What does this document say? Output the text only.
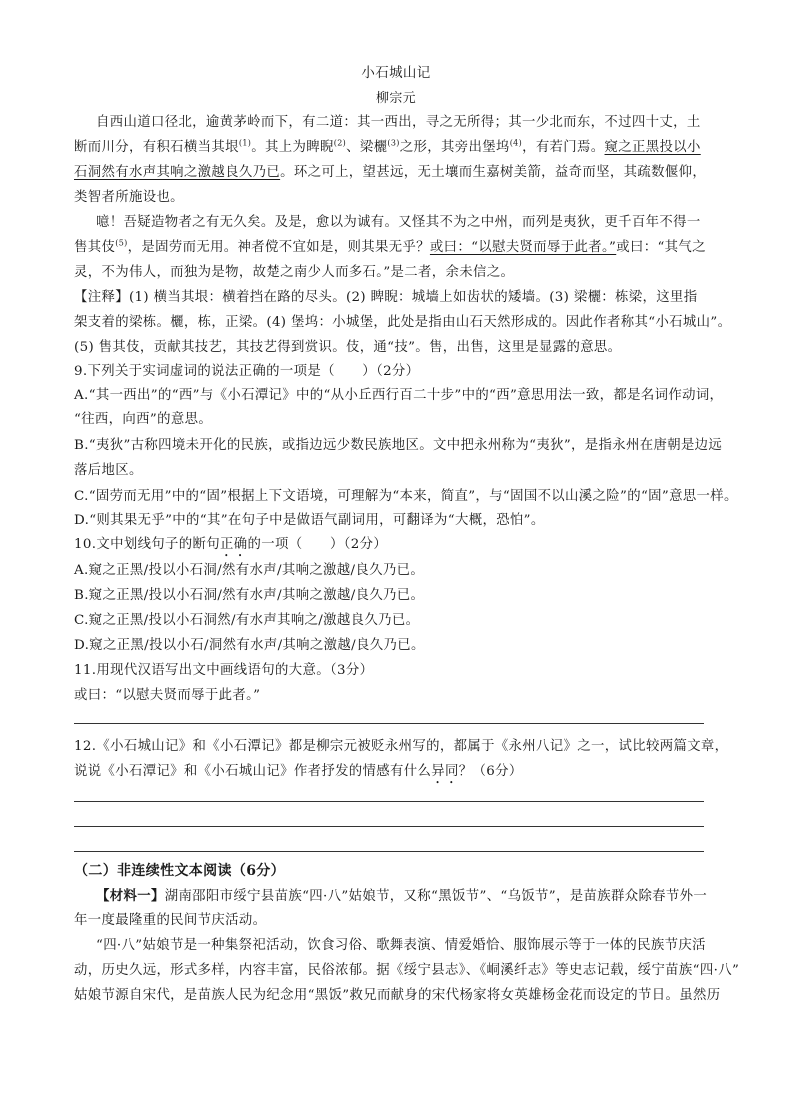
小石城山记
柳宗元
自西山道口径北，逾黄茅岭而下，有二道：其一西出，寻之无所得；其一少北而东，不过四十丈，土
断而川分，有积石横当其垠$^{(1)}$。其上为睥睨$^{(2)}$、梁欐$^{(3)}$之形，其旁出堡坞$^{(4)}$，有若门焉。窥之正黑投以小
石洞然有水声其响之激越良久乃已。环之可上，望甚远，无土壤而生嘉树美箭，益奇而坚，其疏数偃仰，
类智者所施设也。
噫！吾疑造物者之有无久矣。及是，愈以为诚有。又怪其不为之中州，而列是夷狄，更千百年不得一
售其伎$^{(5)}$，是固劳而无用。神者傥不宜如是，则其果无乎？或曰：“以慰夫贤而辱于此者。”或曰：“其气之
灵，不为伟人，而独为是物，故楚之南少人而多石。”是二者，余未信之。
【注释】(1) 横当其垠：横着挡在路的尽头。(2) 睥睨：城墙上如齿状的矮墙。(3) 梁欐：栋梁，这里指
架支着的梁栋。欐，栋，正梁。(4) 堡坞：小城堡，此处是指由山石天然形成的。因此作者称其“小石城山”。
(5) 售其伎，贡献其技艺，其技艺得到赏识。伎，通“技”。售，出售，这里是显露的意思。
9.下列关于实词虚词的说法正确的一项是（　　）（2分）
A.“其一西出”的“西”与《小石潭记》中的“从小丘西行百二十步”中的“西”意思用法一致，都是名词作动词，
“往西，向西”的意思。
B.“夷狄”古称四境未开化的民族，或指边远少数民族地区。文中把永州称为“夷狄”，是指永州在唐朝是边远
落后地区。
C.“固劳而无用”中的“固”根据上下文语境，可理解为“本来，简直”，与“固国不以山溪之险”的“固”意思一样。
D.“则其果无乎”中的“其”在句子中是做语气副词用，可翻译为“大概，恐怕”。
10.文中划线句子的断句正确的一项（　　）（2分）
A.窥之正黑/投以小石洞/然有水声/其响之激越/良久乃已。
B.窥之正黑/投以小石洞/然有水声/其响之激越/良久乃已。
C.窥之正黑/投以小石洞然/有水声其响之/激越良久乃已。
D.窥之正黑/投以小石/洞然有水声/其响之激越/良久乃已。
11.用现代汉语写出文中画线语句的大意。（3分）
或曰：“以慰夫贤而辱于此者。”
12.《小石城山记》和《小石潭记》都是柳宗元被贬永州写的，都属于《永州八记》之一，试比较两篇文章，
说说《小石潭记》和《小石城山记》作者抒发的情感有什么异同？（6分）
（二）非连续性文本阅读（6分）
【材料一】湖南邵阳市绥宁县苗族“四·八”姑娘节，又称“黑饭节”、“乌饭节”，是苗族群众除春节外一
年一度最隆重的民间节庆活动。
“四·八”姑娘节是一种集祭祀活动，饮食习俗、歌舞表演、情爱婚恰、服饰展示等于一体的民族节庆活
动，历史久远，形式多样，内容丰富，民俗浓郁。据《绥宁县志》、《峒溪纤志》等史志记载，绥宁苗族“四·八”
姑娘节源自宋代，是苗族人民为纪念用“黑饭”救兄而献身的宋代杨家将女英雄杨金花而设定的节日。虽然历
